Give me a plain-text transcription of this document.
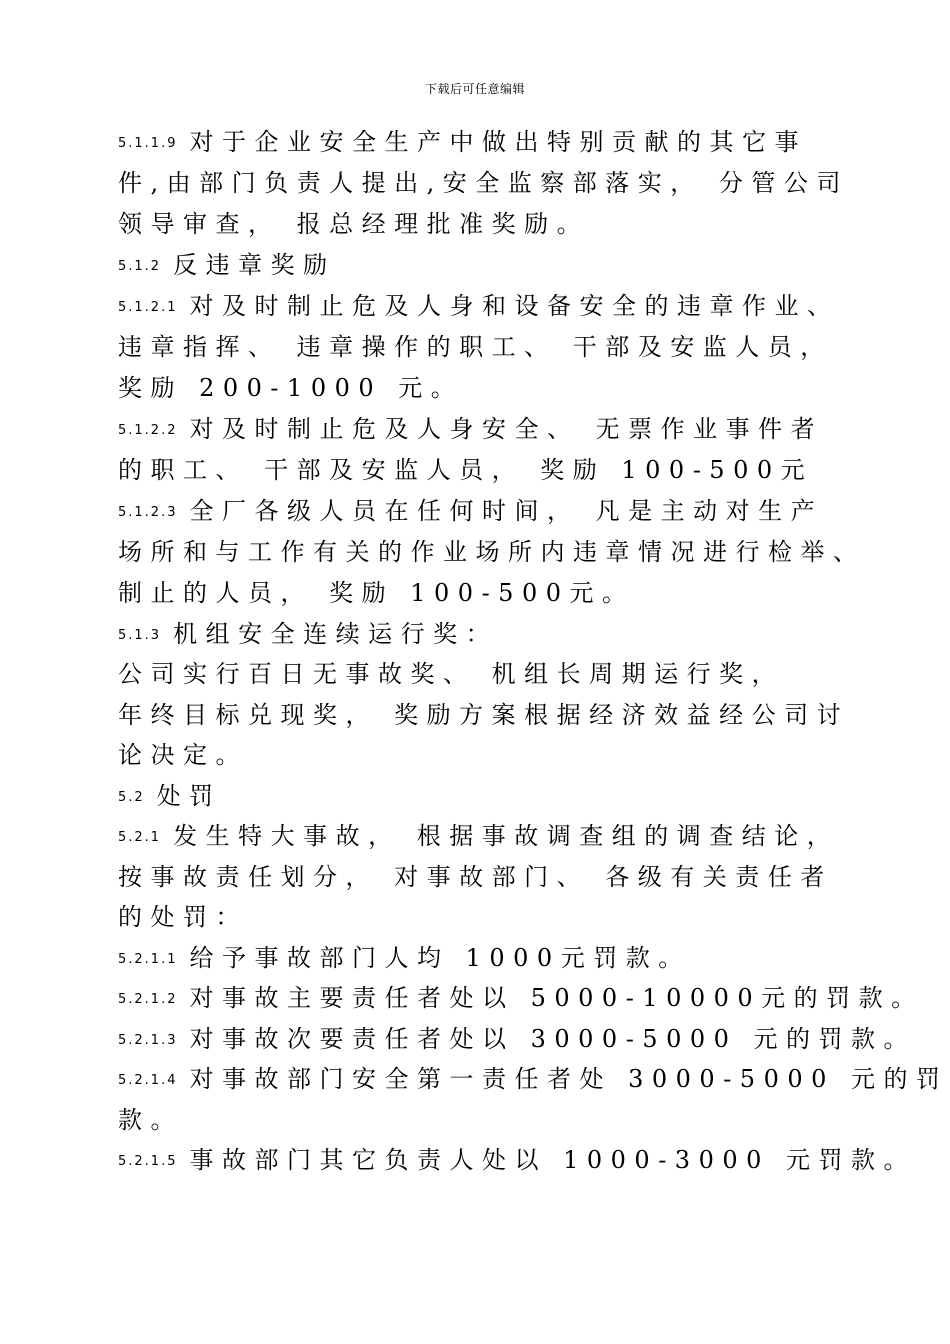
下载后可任意编辑
5.1.1.9 对于企业安全生产中做出特别贡献的其它事
件,由部门负责人提出,安全监察部落实， 分管公司
领导审查， 报总经理批准奖励。
5.1.2 反违章奖励
5.1.2.1 对及时制止危及人身和设备安全的违章作业、
违章指挥、 违章操作的职工、 干部及安监人员，
奖励 200-1000 元。
5.1.2.2 对及时制止危及人身安全、 无票作业事件者
的职工、 干部及安监人员， 奖励 100-500元
5.1.2.3 全厂各级人员在任何时间， 凡是主动对生产
场所和与工作有关的作业场所内违章情况进行检举、
制止的人员， 奖励 100-500元。
5.1.3 机组安全连续运行奖：
公司实行百日无事故奖、 机组长周期运行奖，
年终目标兑现奖， 奖励方案根据经济效益经公司讨
论决定。
5.2 处罚
5.2.1 发生特大事故， 根据事故调查组的调查结论，
按事故责任划分， 对事故部门、 各级有关责任者
的处罚：
5.2.1.1 给予事故部门人均 1000元罚款。
5.2.1.2 对事故主要责任者处以 5000-10000元的罚款。
5.2.1.3 对事故次要责任者处以 3000-5000 元的罚款。
5.2.1.4 对事故部门安全第一责任者处 3000-5000 元的罚
款。
5.2.1.5 事故部门其它负责人处以 1000-3000 元罚款。
